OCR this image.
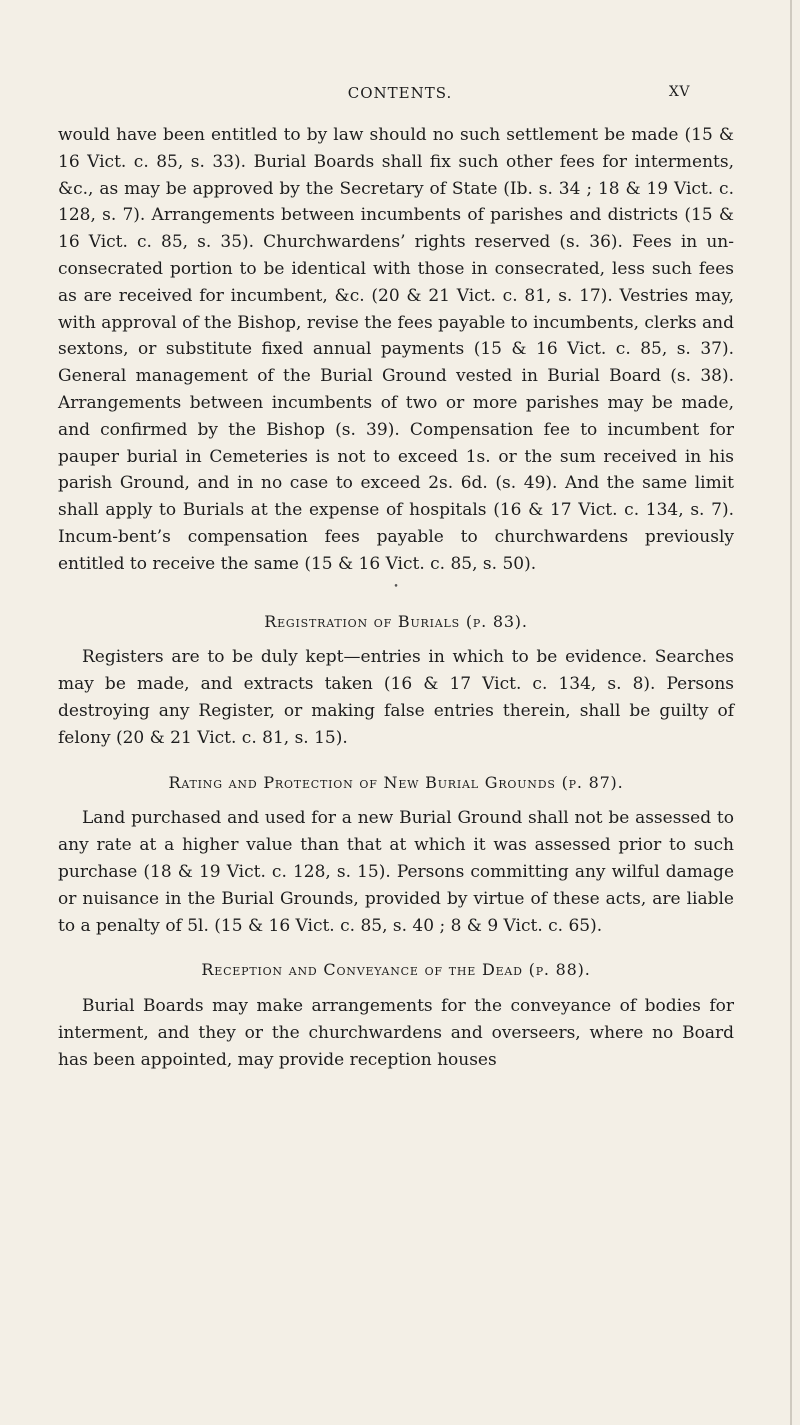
CONTENTS.	XV

would have been entitled to by law should no such settlement be made (15 & 16 Vict. c. 85, s. 33). Burial Boards shall fix such other fees for interments, &c., as may be approved by the Secretary of State (Ib. s. 34 ; 18 & 19 Vict. c. 128, s. 7). Arrangements between incumbents of parishes and districts (15 & 16 Vict. c. 85, s. 35). Churchwardens’ rights reserved (s. 36). Fees in un-consecrated portion to be identical with those in consecrated, less such fees as are received for incumbent, &c. (20 & 21 Vict. c. 81, s. 17). Vestries may, with approval of the Bishop, revise the fees payable to incumbents, clerks and sextons, or substitute fixed annual payments (15 & 16 Vict. c. 85, s. 37). General management of the Burial Ground vested in Burial Board (s. 38). Arrangements between incumbents of two or more parishes may be made, and confirmed by the Bishop (s. 39). Compensation fee to incumbent for pauper burial in Cemeteries is not to exceed 1s. or the sum received in his parish Ground, and in no case to exceed 2s. 6d. (s. 49). And the same limit shall apply to Burials at the expense of hospitals (16 & 17 Vict. c. 134, s. 7). Incum-bent’s compensation fees payable to churchwardens previously entitled to receive the same (15 & 16 Vict. c. 85, s. 50).

•
Registration of Burials (p. 83).

Registers are to be duly kept—entries in which to be evidence. Searches may be made, and extracts taken (16 & 17 Vict. c. 134, s. 8). Persons destroying any Register, or making false entries therein, shall be guilty of felony (20 & 21 Vict. c. 81, s. 15).

Rating and Protection of New Burial Grounds (p. 87).

Land purchased and used for a new Burial Ground shall not be assessed to any rate at a higher value than that at which it was assessed prior to such purchase (18 & 19 Vict. c. 128, s. 15). Persons committing any wilful damage or nuisance in the Burial Grounds, provided by virtue of these acts, are liable to a penalty of 5l. (15 & 16 Vict. c. 85, s. 40 ; 8 & 9 Vict. c. 65).

Reception and Conveyance of the Dead (p. 88).

Burial Boards may make arrangements for the conveyance of bodies for interment, and they or the churchwardens and overseers, where no Board has been appointed, may provide reception houses
